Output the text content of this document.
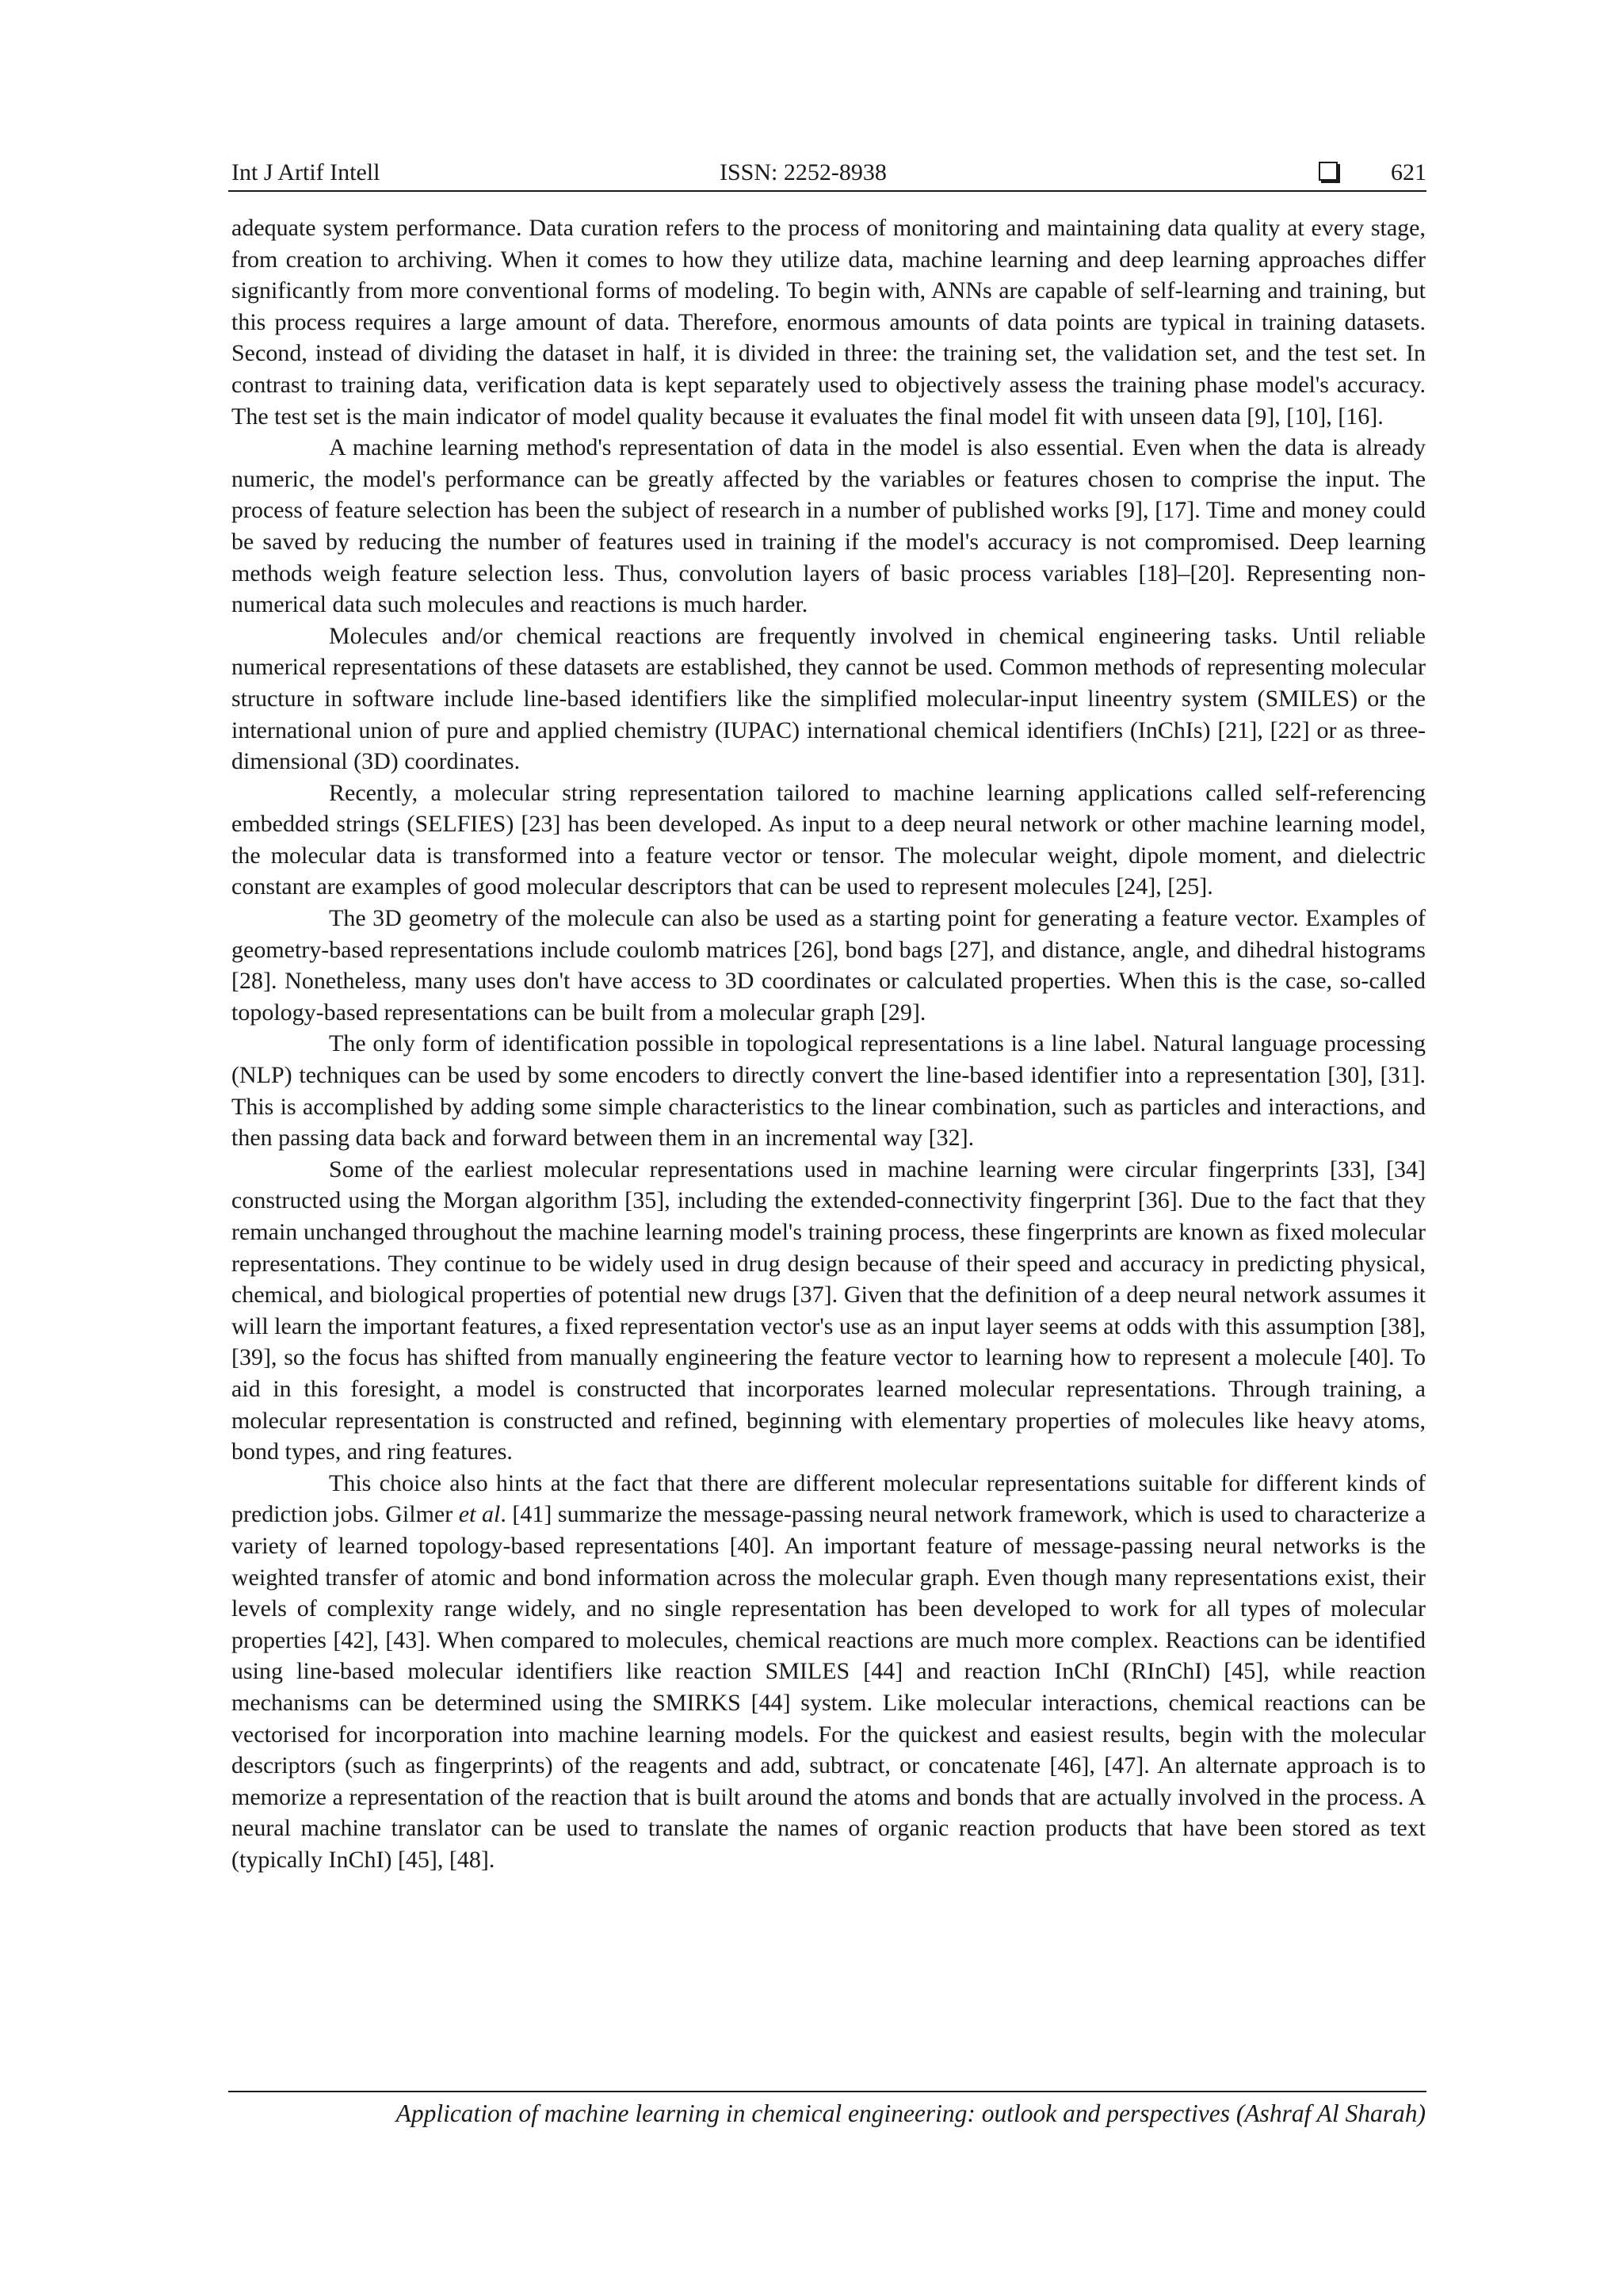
Int J Artif Intell	ISSN: 2252-8938	621

adequate system performance. Data curation refers to the process of monitoring and maintaining data quality at every stage, from creation to archiving. When it comes to how they utilize data, machine learning and deep learning approaches differ significantly from more conventional forms of modeling. To begin with, ANNs are capable of self-learning and training, but this process requires a large amount of data. Therefore, enormous amounts of data points are typical in training datasets. Second, instead of dividing the dataset in half, it is divided in three: the training set, the validation set, and the test set. In contrast to training data, verification data is kept separately used to objectively assess the training phase model's accuracy. The test set is the main indicator of model quality because it evaluates the final model fit with unseen data [9], [10], [16].

A machine learning method's representation of data in the model is also essential. Even when the data is already numeric, the model's performance can be greatly affected by the variables or features chosen to comprise the input. The process of feature selection has been the subject of research in a number of published works [9], [17]. Time and money could be saved by reducing the number of features used in training if the model's accuracy is not compromised. Deep learning methods weigh feature selection less. Thus, convolution layers of basic process variables [18]–[20]. Representing non-numerical data such molecules and reactions is much harder.

Molecules and/or chemical reactions are frequently involved in chemical engineering tasks. Until reliable numerical representations of these datasets are established, they cannot be used. Common methods of representing molecular structure in software include line-based identifiers like the simplified molecular-input lineentry system (SMILES) or the international union of pure and applied chemistry (IUPAC) international chemical identifiers (InChIs) [21], [22] or as three-dimensional (3D) coordinates.

Recently, a molecular string representation tailored to machine learning applications called self-referencing embedded strings (SELFIES) [23] has been developed. As input to a deep neural network or other machine learning model, the molecular data is transformed into a feature vector or tensor. The molecular weight, dipole moment, and dielectric constant are examples of good molecular descriptors that can be used to represent molecules [24], [25].

The 3D geometry of the molecule can also be used as a starting point for generating a feature vector. Examples of geometry-based representations include coulomb matrices [26], bond bags [27], and distance, angle, and dihedral histograms [28]. Nonetheless, many uses don't have access to 3D coordinates or calculated properties. When this is the case, so-called topology-based representations can be built from a molecular graph [29].

The only form of identification possible in topological representations is a line label. Natural language processing (NLP) techniques can be used by some encoders to directly convert the line-based identifier into a representation [30], [31]. This is accomplished by adding some simple characteristics to the linear combination, such as particles and interactions, and then passing data back and forward between them in an incremental way [32].

Some of the earliest molecular representations used in machine learning were circular fingerprints [33], [34] constructed using the Morgan algorithm [35], including the extended-connectivity fingerprint [36]. Due to the fact that they remain unchanged throughout the machine learning model's training process, these fingerprints are known as fixed molecular representations. They continue to be widely used in drug design because of their speed and accuracy in predicting physical, chemical, and biological properties of potential new drugs [37]. Given that the definition of a deep neural network assumes it will learn the important features, a fixed representation vector's use as an input layer seems at odds with this assumption [38], [39], so the focus has shifted from manually engineering the feature vector to learning how to represent a molecule [40]. To aid in this foresight, a model is constructed that incorporates learned molecular representations. Through training, a molecular representation is constructed and refined, beginning with elementary properties of molecules like heavy atoms, bond types, and ring features.

This choice also hints at the fact that there are different molecular representations suitable for different kinds of prediction jobs. Gilmer et al. [41] summarize the message-passing neural network framework, which is used to characterize a variety of learned topology-based representations [40]. An important feature of message-passing neural networks is the weighted transfer of atomic and bond information across the molecular graph. Even though many representations exist, their levels of complexity range widely, and no single representation has been developed to work for all types of molecular properties [42], [43]. When compared to molecules, chemical reactions are much more complex. Reactions can be identified using line-based molecular identifiers like reaction SMILES [44] and reaction InChI (RInChI) [45], while reaction mechanisms can be determined using the SMIRKS [44] system. Like molecular interactions, chemical reactions can be vectorised for incorporation into machine learning models. For the quickest and easiest results, begin with the molecular descriptors (such as fingerprints) of the reagents and add, subtract, or concatenate [46], [47]. An alternate approach is to memorize a representation of the reaction that is built around the atoms and bonds that are actually involved in the process. A neural machine translator can be used to translate the names of organic reaction products that have been stored as text (typically InChI) [45], [48].

Application of machine learning in chemical engineering: outlook and perspectives (Ashraf Al Sharah)
